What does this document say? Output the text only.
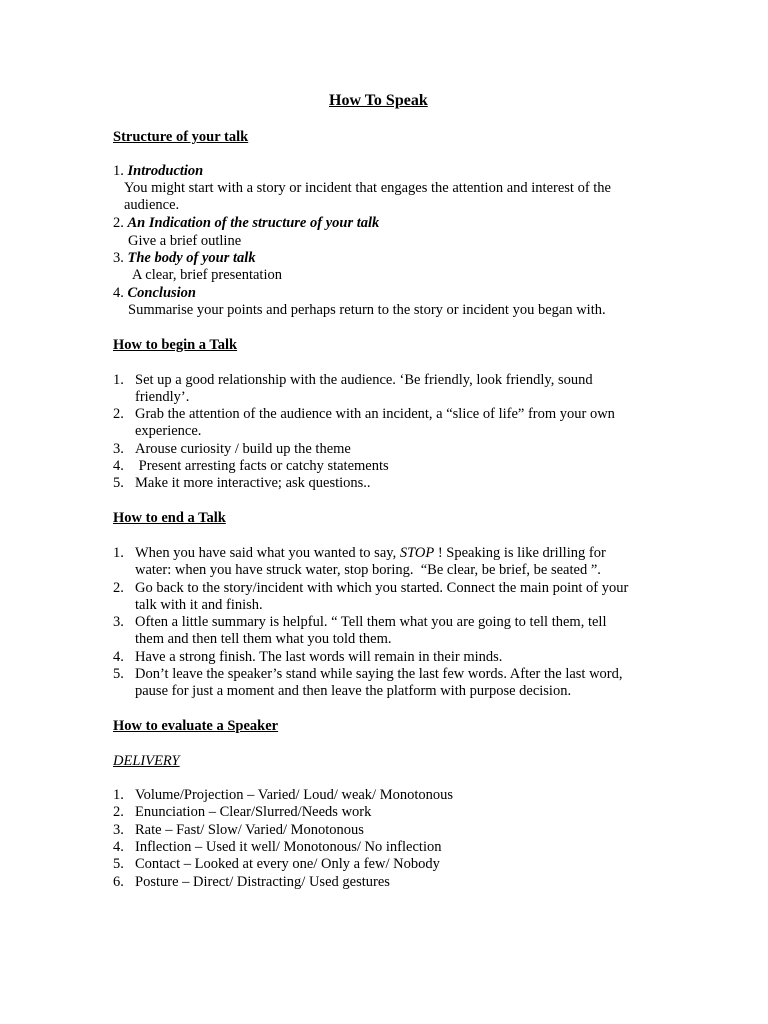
How To Speak
Structure of your talk
1. Introduction
You might start with a story or incident that engages the attention and interest of the
audience.
2. An Indication of the structure of your talk
Give a brief outline
3. The body of your talk
A clear, brief presentation
4. Conclusion
Summarise your points and perhaps return to the story or incident you began with.
How to begin a Talk
1. Set up a good relationship with the audience. ‘Be friendly, look friendly, sound
friendly’.
2. Grab the attention of the audience with an incident, a “slice of life” from your own
experience.
3. Arouse curiosity / build up the theme
4. Present arresting facts or catchy statements
5. Make it more interactive; ask questions..
How to end a Talk
1. When you have said what you wanted to say, STOP ! Speaking is like drilling for
water: when you have struck water, stop boring.  “Be clear, be brief, be seated ”.
2. Go back to the story/incident with which you started. Connect the main point of your
talk with it and finish.
3. Often a little summary is helpful. “ Tell them what you are going to tell them, tell
them and then tell them what you told them.
4. Have a strong finish. The last words will remain in their minds.
5. Don’t leave the speaker’s stand while saying the last few words. After the last word,
pause for just a moment and then leave the platform with purpose decision.
How to evaluate a Speaker
DELIVERY
1. Volume/Projection – Varied/ Loud/ weak/ Monotonous
2. Enunciation – Clear/Slurred/Needs work
3. Rate – Fast/ Slow/ Varied/ Monotonous
4. Inflection – Used it well/ Monotonous/ No inflection
5. Contact – Looked at every one/ Only a few/ Nobody
6. Posture – Direct/ Distracting/ Used gestures
